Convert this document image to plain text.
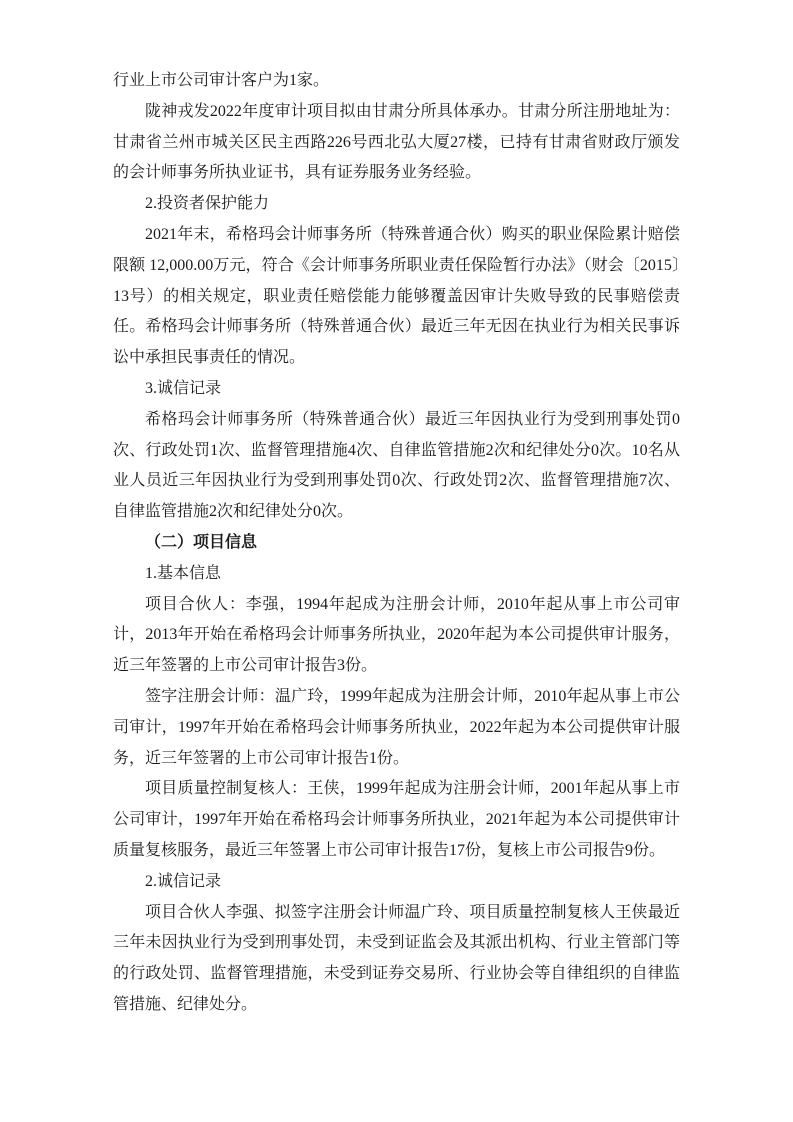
行业上市公司审计客户为1家。

陇神戎发2022年度审计项目拟由甘肃分所具体承办。甘肃分所注册地址为：甘肃省兰州市城关区民主西路226号西北弘大厦27楼，已持有甘肃省财政厅颁发的会计师事务所执业证书，具有证券服务业务经验。

2.投资者保护能力

2021年末，希格玛会计师事务所（特殊普通合伙）购买的职业保险累计赔偿限额 12,000.00万元，符合《会计师事务所职业责任保险暂行办法》（财会〔2015〕13号）的相关规定，职业责任赔偿能力能够覆盖因审计失败导致的民事赔偿责任。希格玛会计师事务所（特殊普通合伙）最近三年无因在执业行为相关民事诉讼中承担民事责任的情况。

3.诚信记录

希格玛会计师事务所（特殊普通合伙）最近三年因执业行为受到刑事处罚0次、行政处罚1次、监督管理措施4次、自律监管措施2次和纪律处分0次。10名从业人员近三年因执业行为受到刑事处罚0次、行政处罚2次、监督管理措施7次、自律监管措施2次和纪律处分0次。

（二）项目信息

1.基本信息

项目合伙人：李强，1994年起成为注册会计师，2010年起从事上市公司审计，2013年开始在希格玛会计师事务所执业，2020年起为本公司提供审计服务，近三年签署的上市公司审计报告3份。

签字注册会计师：温广玲，1999年起成为注册会计师，2010年起从事上市公司审计，1997年开始在希格玛会计师事务所执业，2022年起为本公司提供审计服务，近三年签署的上市公司审计报告1份。

项目质量控制复核人：王侠，1999年起成为注册会计师，2001年起从事上市公司审计，1997年开始在希格玛会计师事务所执业，2021年起为本公司提供审计质量复核服务，最近三年签署上市公司审计报告17份，复核上市公司报告9份。

2.诚信记录

项目合伙人李强、拟签字注册会计师温广玲、项目质量控制复核人王侠最近三年未因执业行为受到刑事处罚，未受到证监会及其派出机构、行业主管部门等的行政处罚、监督管理措施，未受到证券交易所、行业协会等自律组织的自律监管措施、纪律处分。
